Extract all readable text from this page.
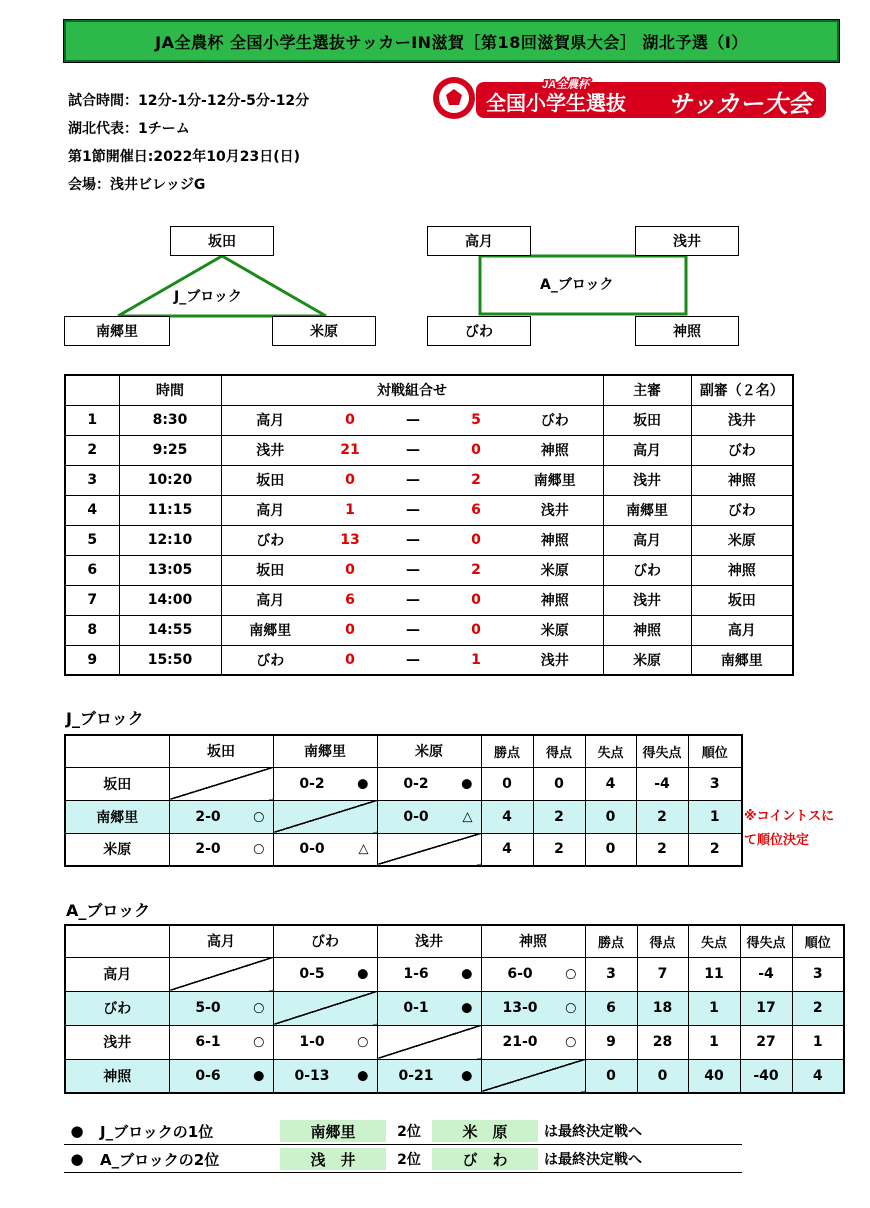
JA全農杯 全国小学生選抜サッカーIN滋賀［第18回滋賀県大会］ 湖北予選（Ⅰ）
試合時間：12分-1分-12分-5分-12分
湖北代表：1チーム
第1節開催日:2022年10月23日(日)
会場：浅井ビレッジG
JA全農杯
全国小学生選抜 サッカー大会
坂田
南郷里	米原
J_ブロック
高月	浅井
びわ	神照
A_ブロック
	時間	対戦組合せ					主審	副審（２名）
1	8:30	高月	0	—	5	びわ	坂田	浅井
2	9:25	浅井	21	—	0	神照	高月	びわ
3	10:20	坂田	0	—	2	南郷里	浅井	神照
4	11:15	高月	1	—	6	浅井	南郷里	びわ
5	12:10	びわ	13	—	0	神照	高月	米原
6	13:05	坂田	0	—	2	米原	びわ	神照
7	14:00	高月	6	—	0	神照	浅井	坂田
8	14:55	南郷里	0	—	0	米原	神照	高月
9	15:50	びわ	0	—	1	浅井	米原	南郷里
J_ブロック
	坂田	南郷里	米原	勝点	得点	失点	得失点	順位
坂田		0-2 ●	0-2 ●	0	0	4	-4	3
南郷里	2-0 ○		0-0 △	4	2	0	2	1
米原	2-0 ○	0-0 △		4	2	0	2	2
※コイントスに
て順位決定
A_ブロック
	高月	びわ	浅井	神照	勝点	得点	失点	得失点	順位
高月		0-5 ●	1-6 ●	6-0 ○	3	7	11	-4	3
びわ	5-0 ○		0-1 ●	13-0 ○	6	18	1	17	2
浅井	6-1 ○	1-0 ○		21-0 ○	9	28	1	27	1
神照	0-6 ●	0-13 ●	0-21 ●		0	0	40	-40	4
●	J_ブロックの1位	南郷里	2位	米　原	は最終決定戦へ
●	A_ブロックの2位	浅　井	2位	び　わ	は最終決定戦へ
